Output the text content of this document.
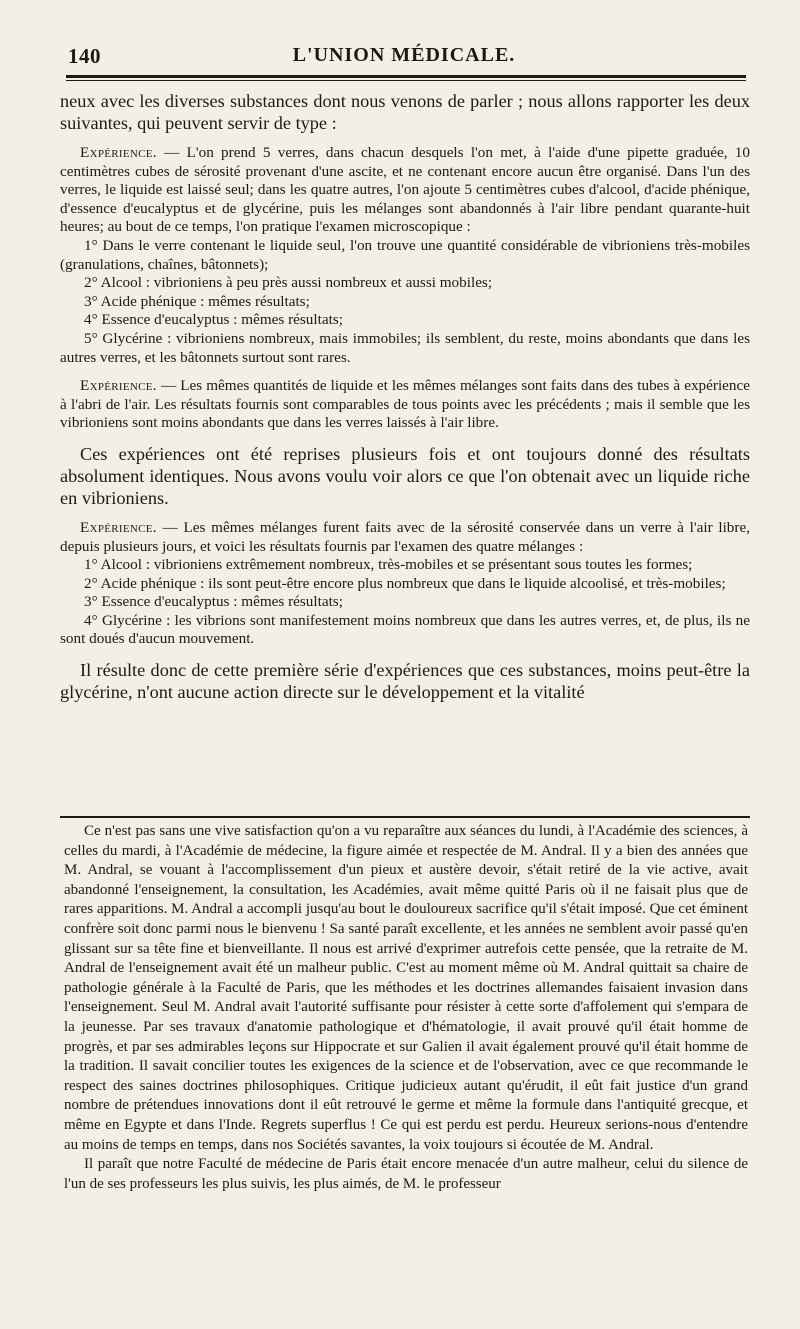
140	L'UNION MÉDICALE.

neux avec les diverses substances dont nous venons de parler ; nous allons rapporter les deux suivantes, qui peuvent servir de type :

Expérience. — L'on prend 5 verres, dans chacun desquels l'on met, à l'aide d'une pipette graduée, 10 centimètres cubes de sérosité provenant d'une ascite, et ne contenant encore aucun être organisé. Dans l'un des verres, le liquide est laissé seul; dans les quatre autres, l'on ajoute 5 centimètres cubes d'alcool, d'acide phénique, d'essence d'eucalyptus et de glycérine, puis les mélanges sont abandonnés à l'air libre pendant quarante-huit heures; au bout de ce temps, l'on pratique l'examen microscopique :

1° Dans le verre contenant le liquide seul, l'on trouve une quantité considérable de vibrioniens très-mobiles (granulations, chaînes, bâtonnets);

2° Alcool : vibrioniens à peu près aussi nombreux et aussi mobiles;

3° Acide phénique : mêmes résultats;

4° Essence d'eucalyptus : mêmes résultats;

5° Glycérine : vibrioniens nombreux, mais immobiles; ils semblent, du reste, moins abondants que dans les autres verres, et les bâtonnets surtout sont rares.

Expérience. — Les mêmes quantités de liquide et les mêmes mélanges sont faits dans des tubes à expérience à l'abri de l'air. Les résultats fournis sont comparables de tous points avec les précédents ; mais il semble que les vibrioniens sont moins abondants que dans les verres laissés à l'air libre.

Ces expériences ont été reprises plusieurs fois et ont toujours donné des résultats absolument identiques. Nous avons voulu voir alors ce que l'on obtenait avec un liquide riche en vibrioniens.

Expérience. — Les mêmes mélanges furent faits avec de la sérosité conservée dans un verre à l'air libre, depuis plusieurs jours, et voici les résultats fournis par l'examen des quatre mélanges :

1° Alcool : vibrioniens extrêmement nombreux, très-mobiles et se présentant sous toutes les formes;

2° Acide phénique : ils sont peut-être encore plus nombreux que dans le liquide alcoolisé, et très-mobiles;

3° Essence d'eucalyptus : mêmes résultats;

4° Glycérine : les vibrions sont manifestement moins nombreux que dans les autres verres, et, de plus, ils ne sont doués d'aucun mouvement.

Il résulte donc de cette première série d'expériences que ces substances, moins peut-être la glycérine, n'ont aucune action directe sur le développement et la vitalité

Ce n'est pas sans une vive satisfaction qu'on a vu reparaître aux séances du lundi, à l'Académie des sciences, à celles du mardi, à l'Académie de médecine, la figure aimée et respectée de M. Andral. Il y a bien des années que M. Andral, se vouant à l'accomplissement d'un pieux et austère devoir, s'était retiré de la vie active, avait abandonné l'enseignement, la consultation, les Académies, avait même quitté Paris où il ne faisait plus que de rares apparitions. M. Andral a accompli jusqu'au bout le douloureux sacrifice qu'il s'était imposé. Que cet éminent confrère soit donc parmi nous le bienvenu ! Sa santé paraît excellente, et les années ne semblent avoir passé qu'en glissant sur sa tête fine et bienveillante. Il nous est arrivé d'exprimer autrefois cette pensée, que la retraite de M. Andral de l'enseignement avait été un malheur public. C'est au moment même où M. Andral quittait sa chaire de pathologie générale à la Faculté de Paris, que les méthodes et les doctrines allemandes faisaient invasion dans l'enseignement. Seul M. Andral avait l'autorité suffisante pour résister à cette sorte d'affolement qui s'empara de la jeunesse. Par ses travaux d'anatomie pathologique et d'hématologie, il avait prouvé qu'il était homme de progrès, et par ses admirables leçons sur Hippocrate et sur Galien il avait également prouvé qu'il était homme de la tradition. Il savait concilier toutes les exigences de la science et de l'observation, avec ce que recommande le respect des saines doctrines philosophiques. Critique judicieux autant qu'érudit, il eût fait justice d'un grand nombre de prétendues innovations dont il eût retrouvé le germe et même la formule dans l'antiquité grecque, et même en Egypte et dans l'Inde. Regrets superflus ! Ce qui est perdu est perdu. Heureux serions-nous d'entendre au moins de temps en temps, dans nos Sociétés savantes, la voix toujours si écoutée de M. Andral.

Il paraît que notre Faculté de médecine de Paris était encore menacée d'un autre malheur, celui du silence de l'un de ses professeurs les plus suivis, les plus aimés, de M. le professeur
